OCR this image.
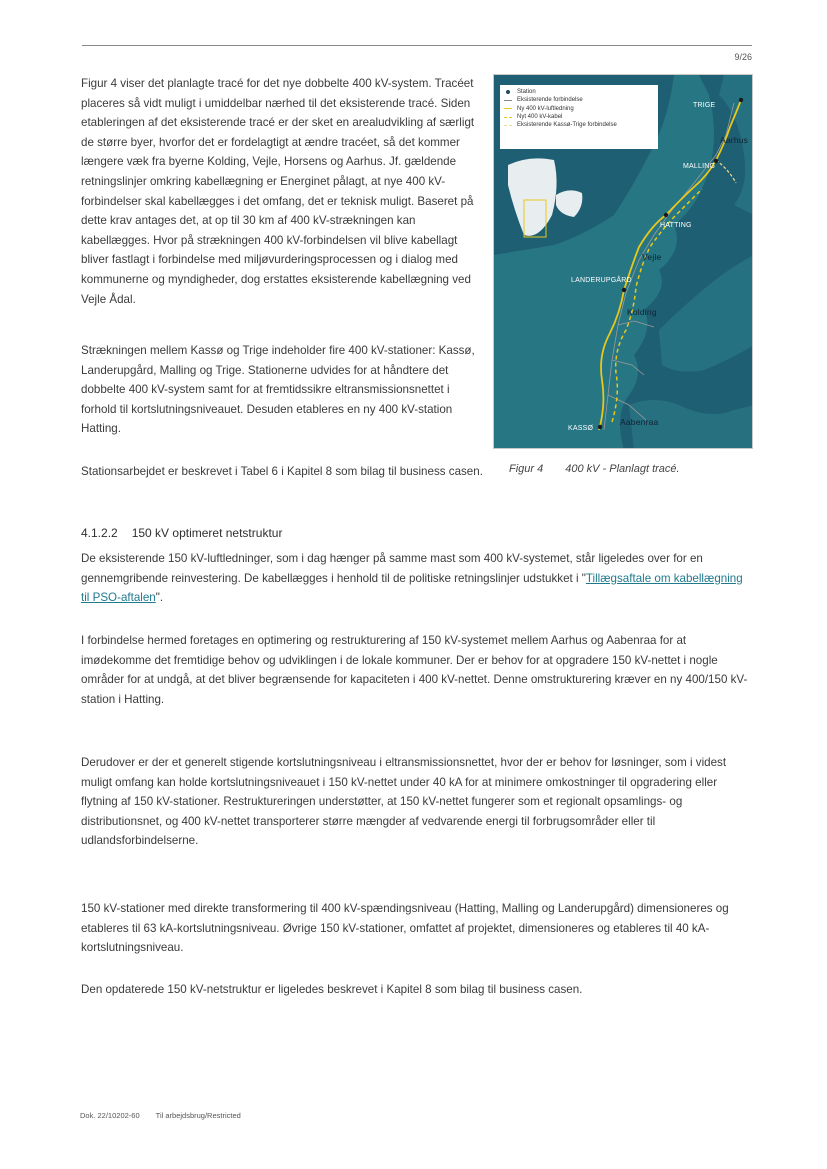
9/26

Figur 4 viser det planlagte tracé for det nye dobbelte 400 kV-system. Tracéet placeres så vidt muligt i umiddelbar nærhed til det eksisterende tracé. Siden etableringen af det eksisterende tracé er der sket en arealudvikling af særligt de større byer, hvorfor det er fordelagtigt at ændre tracéet, så det kommer længere væk fra byerne Kolding, Vejle, Horsens og Aarhus. Jf. gældende retningslinjer omkring kabellægning er Energinet pålagt, at nye 400 kV-forbindelser skal kabellægges i det omfang, det er teknisk muligt. Baseret på dette krav antages det, at op til 30 km af 400 kV-strækningen kan kabellægges. Hvor på strækningen 400 kV-forbindelsen vil blive kabellagt bliver fastlagt i forbindelse med miljøvurderingsprocessen og i dialog med kommunerne og myndigheder, dog erstattes eksisterende kabellægning ved Vejle Ådal.

Strækningen mellem Kassø og Trige indeholder fire 400 kV-stationer: Kassø, Landerupgård, Malling og Trige. Stationerne udvides for at håndtere det dobbelte 400 kV-system samt for at fremtidssikre eltransmissionsnettet i forhold til kortslutningsniveauet. Desuden etableres en ny 400 kV-station Hatting.

Stationsarbejdet er beskrevet i Tabel 6 i Kapitel 8 som bilag til business casen.

Station
Eksisterende forbindelse
Ny 400 kV-luftledning
Nyt 400 kV-kabel
Eksisterende Kassø-Trige forbindelse
TRIGE
Aarhus
MALLING
HATTING
Vejle
LANDERUPGÅRD
Kolding
KASSØ
Aabenraa
Figur 4 400 kV - Planlagt tracé.
4.1.2.2 150 kV optimeret netstruktur

De eksisterende 150 kV-luftledninger, som i dag hænger på samme mast som 400 kV-systemet, står ligeledes over for en gennemgribende reinvestering. De kabellægges i henhold til de politiske retningslinjer udstukket i "Tillægsaftale om kabellægning til PSO-aftalen".

I forbindelse hermed foretages en optimering og restrukturering af 150 kV-systemet mellem Aarhus og Aabenraa for at imødekomme det fremtidige behov og udviklingen i de lokale kommuner. Der er behov for at opgradere 150 kV-nettet i nogle områder for at undgå, at det bliver begrænsende for kapaciteten i 400 kV-nettet. Denne omstrukturering kræver en ny 400/150 kV-station i Hatting.

Derudover er der et generelt stigende kortslutningsniveau i eltransmissionsnettet, hvor der er behov for løsninger, som i videst muligt omfang kan holde kortslutningsniveauet i 150 kV-nettet under 40 kA for at minimere omkostninger til opgradering eller flytning af 150 kV-stationer. Restruktureringen understøtter, at 150 kV-nettet fungerer som et regionalt opsamlings- og distributionsnet, og 400 kV-nettet transporterer større mængder af vedvarende energi til forbrugsområder eller til udlandsforbindelserne.

150 kV-stationer med direkte transformering til 400 kV-spændingsniveau (Hatting, Malling og Landerupgård) dimensioneres og etableres til 63 kA-kortslutningsniveau. Øvrige 150 kV-stationer, omfattet af projektet, dimensioneres og etableres til 40 kA-kortslutningsniveau.

Den opdaterede 150 kV-netstruktur er ligeledes beskrevet i Kapitel 8 som bilag til business casen.

Dok. 22/10202-60 Til arbejdsbrug/Restricted
